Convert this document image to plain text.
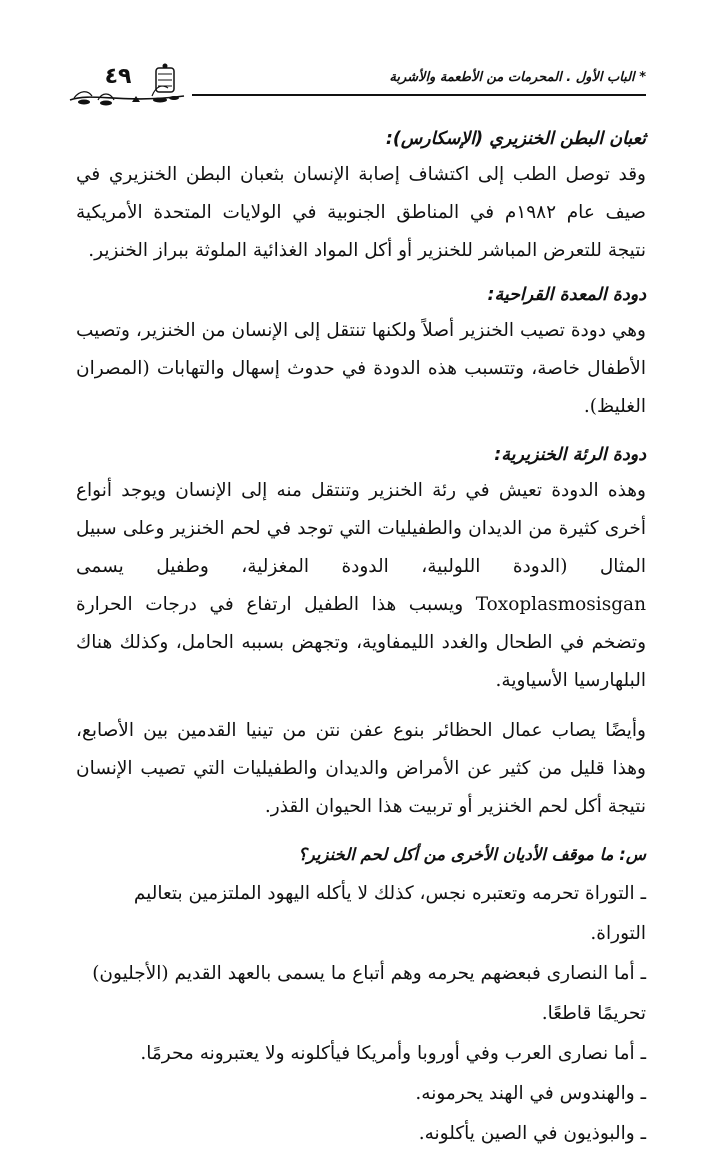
* الباب الأول . المحرمات من الأطعمة والأشربة
٤٩
ثعبان البطن الخنزيري (الإسكارس):

وقد توصل الطب إلى اكتشاف إصابة الإنسان بثعبان البطن الخنزيري في صيف عام ١٩٨٢م في المناطق الجنوبية في الولايات المتحدة الأمريكية نتيجة للتعرض المباشر للخنزير أو أكل المواد الغذائية الملوثة ببراز الخنزير.

دودة المعدة القراحية:

وهي دودة تصيب الخنزير أصلاً ولكنها تنتقل إلى الإنسان من الخنزير، وتصيب الأطفال خاصة، وتتسبب هذه الدودة في حدوث إسهال والتهابات (المصران الغليظ).

دودة الرئة الخنزيرية:

وهذه الدودة تعيش في رئة الخنزير وتنتقل منه إلى الإنسان ويوجد أنواع أخرى كثيرة من الديدان والطفيليات التي توجد في لحم الخنزير وعلى سبيل المثال (الدودة اللولبية، الدودة المغزلية، وطفيل يسمى Toxoplasmosisgan ويسبب هذا الطفيل ارتفاع في درجات الحرارة وتضخم في الطحال والغدد الليمفاوية، وتجهض بسببه الحامل، وكذلك هناك البلهارسيا الأسياوية.

وأيضًا يصاب عمال الحظائر بنوع عفن نتن من تينيا القدمين بين الأصابع، وهذا قليل من كثير عن الأمراض والديدان والطفيليات التي تصيب الإنسان نتيجة أكل لحم الخنزير أو تربيت هذا الحيوان القذر.

س: ما موقف الأديان الأخرى من أكل لحم الخنزير؟
ـ التوراة تحرمه وتعتبره نجس، كذلك لا يأكله اليهود الملتزمين بتعاليم التوراة.
ـ أما النصارى فبعضهم يحرمه وهم أتباع ما يسمى بالعهد القديم (الأجليون) تحريمًا قاطعًا.
ـ أما نصارى العرب وفي أوروبا وأمريكا فيأكلونه ولا يعتبرونه محرمًا.
ـ والهندوس في الهند يحرمونه.
ـ والبوذيون في الصين يأكلونه.
